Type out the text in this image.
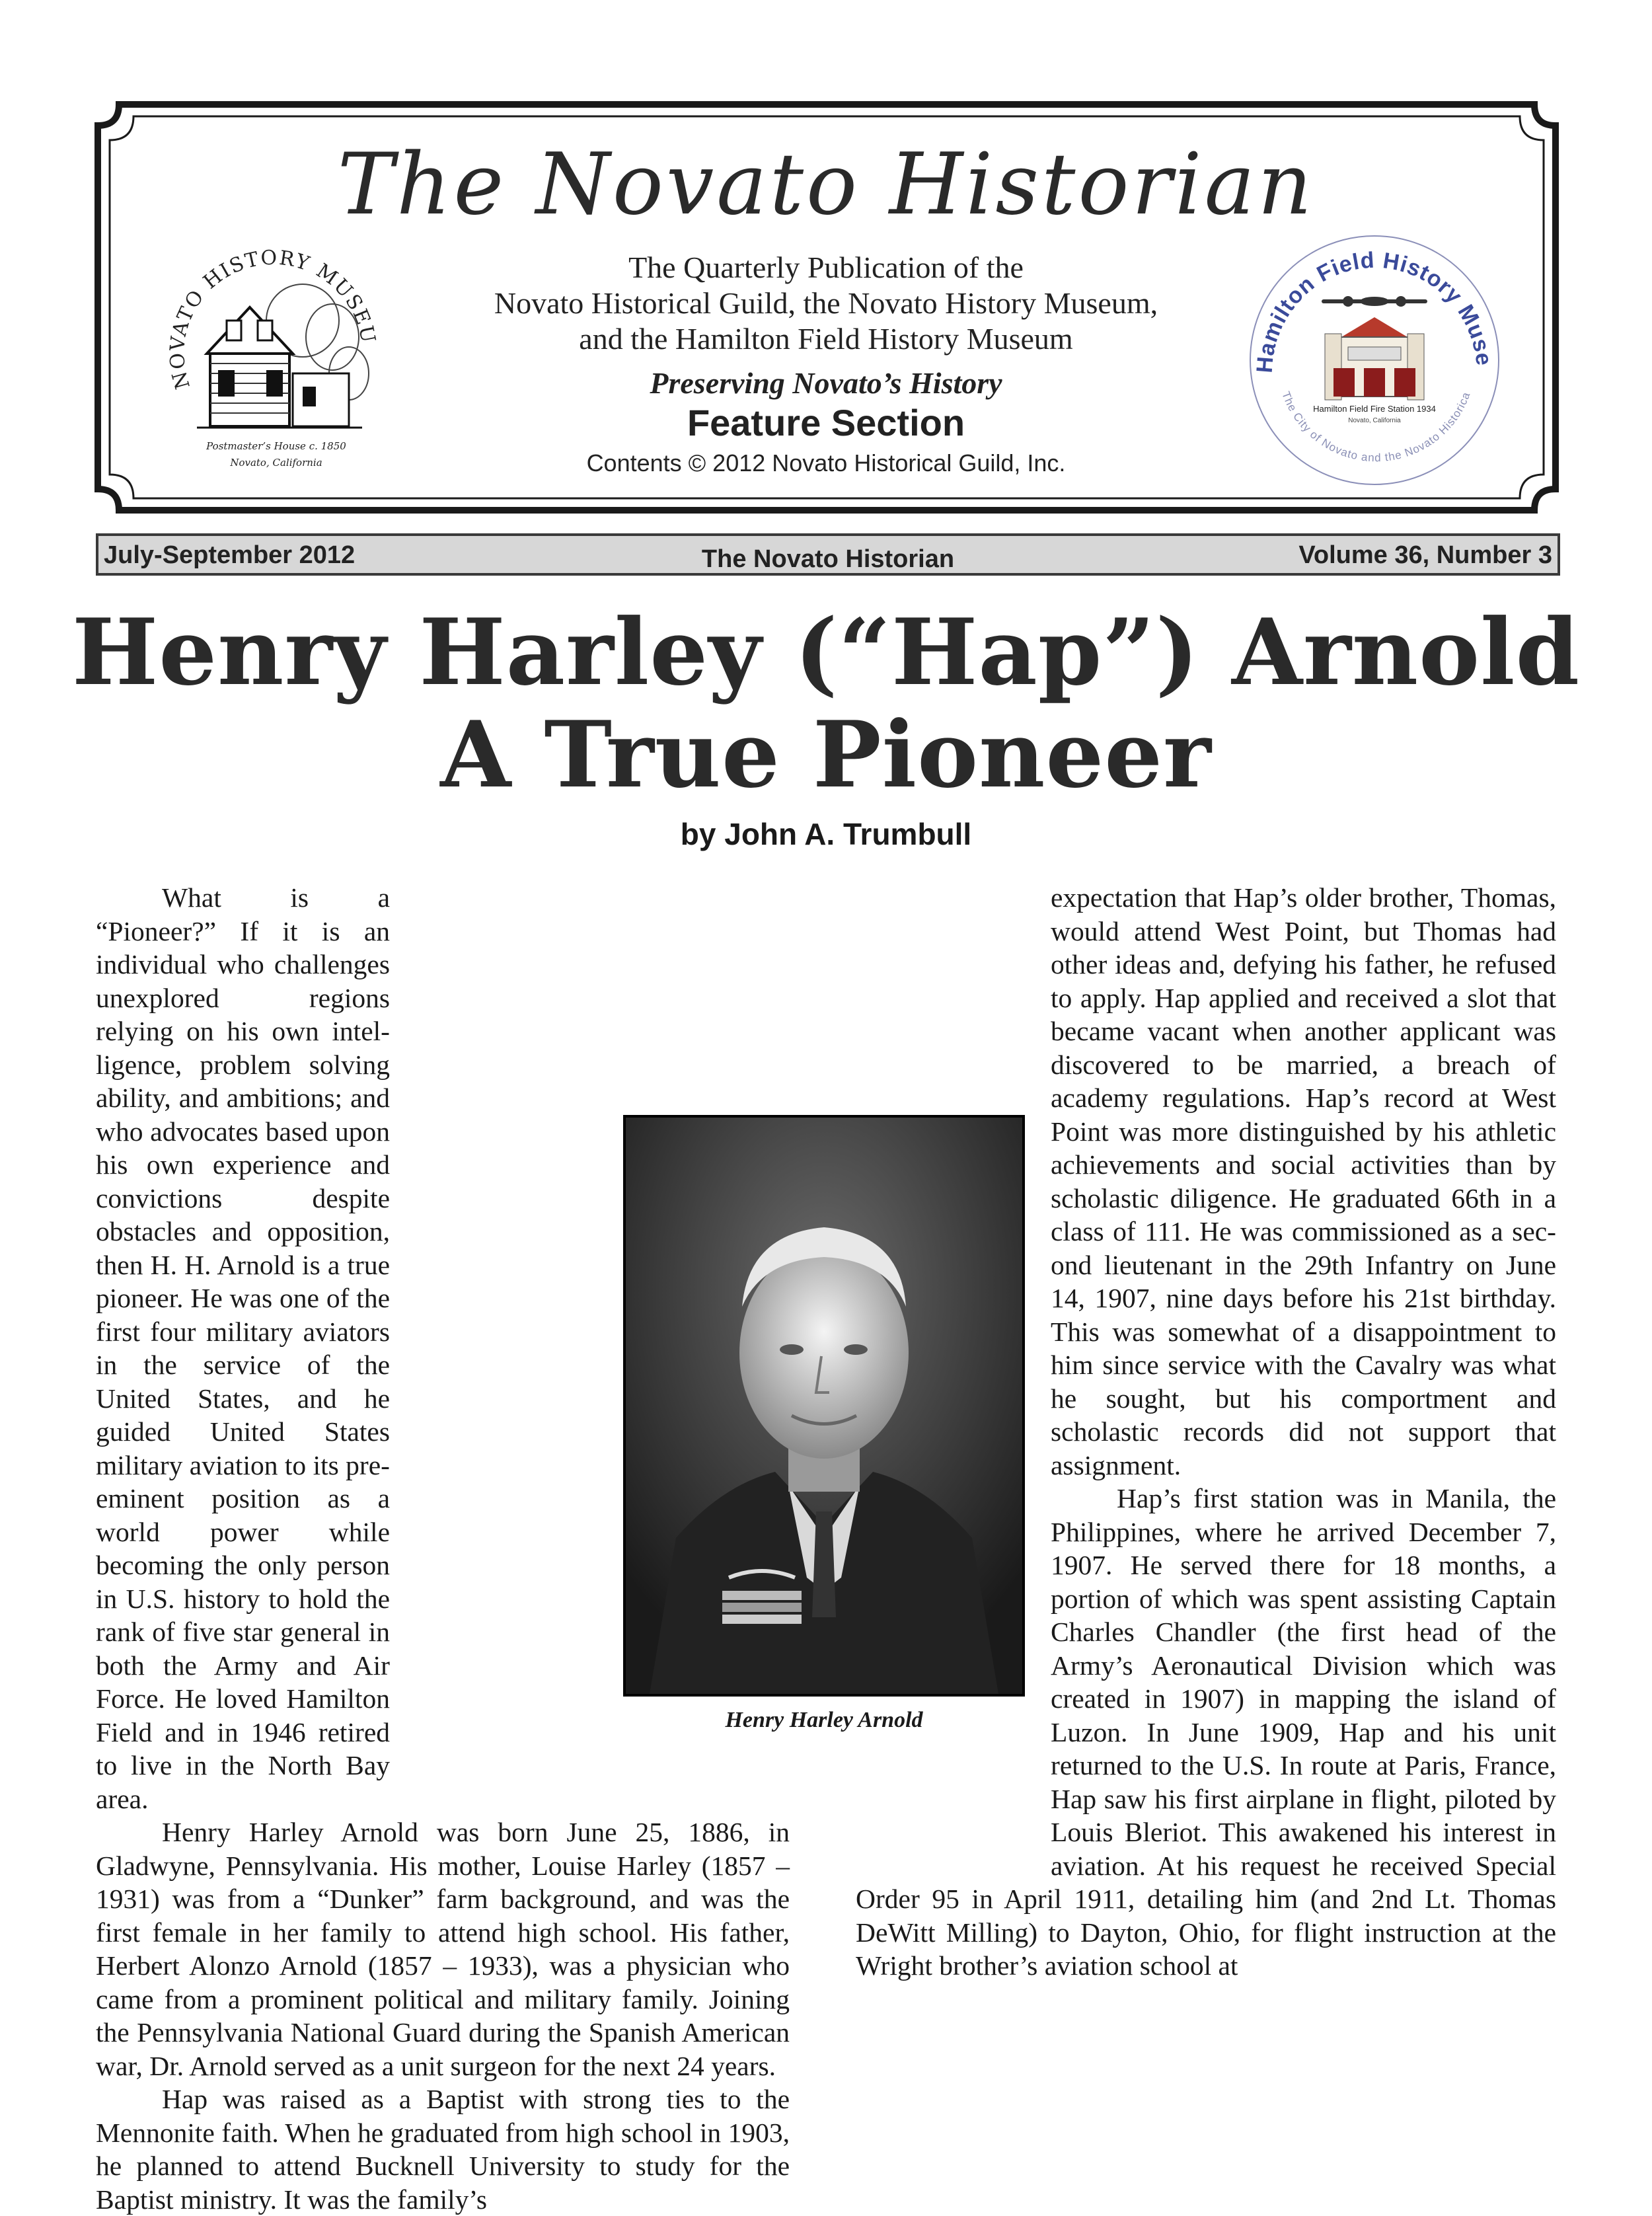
The Novato Historian
The Quarterly Publication of the
Novato Historical Guild, the Novato History Museum,
and the Hamilton Field History Museum
Preserving Novato’s History
Feature Section
Contents © 2012 Novato Historical Guild, Inc.
NOVATO HISTORY MUSEU
Postmaster’s House c. 1850
Novato, California
Hamilton Field History Muse
The City of Novato and the Novato Historica
Hamilton Field Fire Station 1934
Novato, California
July-September 2012	The Novato Historian	Volume 36, Number 3
Henry Harley (“Hap”) Arnold
A True Pioneer
by John A. Trumbull

What is a “Pioneer?” If it is an individual who challenges unexplored regions relying on his own intelligence, problem solving ability, and ambitions; and who advocates based upon his own experience and convictions despite obstacles and opposition, then H. H. Arnold is a true pioneer. He was one of the first four military aviators in the service of the United States, and he guided United States military aviation to its pre-eminent position as a world power while becoming the only person in U.S. history to hold the rank of five star general in both the Army and Air Force. He loved Hamilton Field and in 1946 retired to live in the North Bay area.

Henry Harley Arnold was born June 25, 1886, in Gladwyne, Pennsylvania. His mother, Louise Harley (1857 – 1931) was from a “Dunker” farm background, and was the first female in her family to attend high school. His father, Herbert Alonzo Arnold (1857 – 1933), was a physician who came from a prominent political and military family. Joining the Pennsylvania National Guard during the Spanish American war, Dr. Arnold served as a unit surgeon for the next 24 years.

Hap was raised as a Baptist with strong ties to the Mennonite faith. When he graduated from high school in 1903, he planned to attend Bucknell University to study for the Baptist ministry. It was the family’s

expectation that Hap’s older brother, Thomas, would attend West Point, but Thomas had other ideas and, defying his father, he refused to apply. Hap applied and received a slot that became vacant when another applicant was discovered to be married, a breach of academy regulations. Hap’s record at West Point was more distinguished by his athletic achievements and social activities than by scholastic diligence. He graduated 66th in a class of 111. He was commissioned as a second lieutenant in the 29th Infantry on June 14, 1907, nine days before his 21st birthday. This was somewhat of a disappointment to him since service with the Cavalry was what he sought, but his comportment and scholastic records did not support that assignment.

Hap’s first station was in Manila, the Philippines, where he arrived December 7, 1907. He served there for 18 months, a portion of which was spent assisting Captain Charles Chandler (the first head of the Army’s Aeronautical Division which was created in 1907) in mapping the island of Luzon. In June 1909, Hap and his unit returned to the U.S. In route at Paris, France, Hap saw his first airplane in flight, piloted by Louis Bleriot. This awakened his interest in aviation. At his request he received Special Order 95 in April 1911, detailing him (and 2nd Lt. Thomas DeWitt Milling) to Dayton, Ohio, for flight instruction at the Wright brother’s aviation school at

Henry Harley Arnold
